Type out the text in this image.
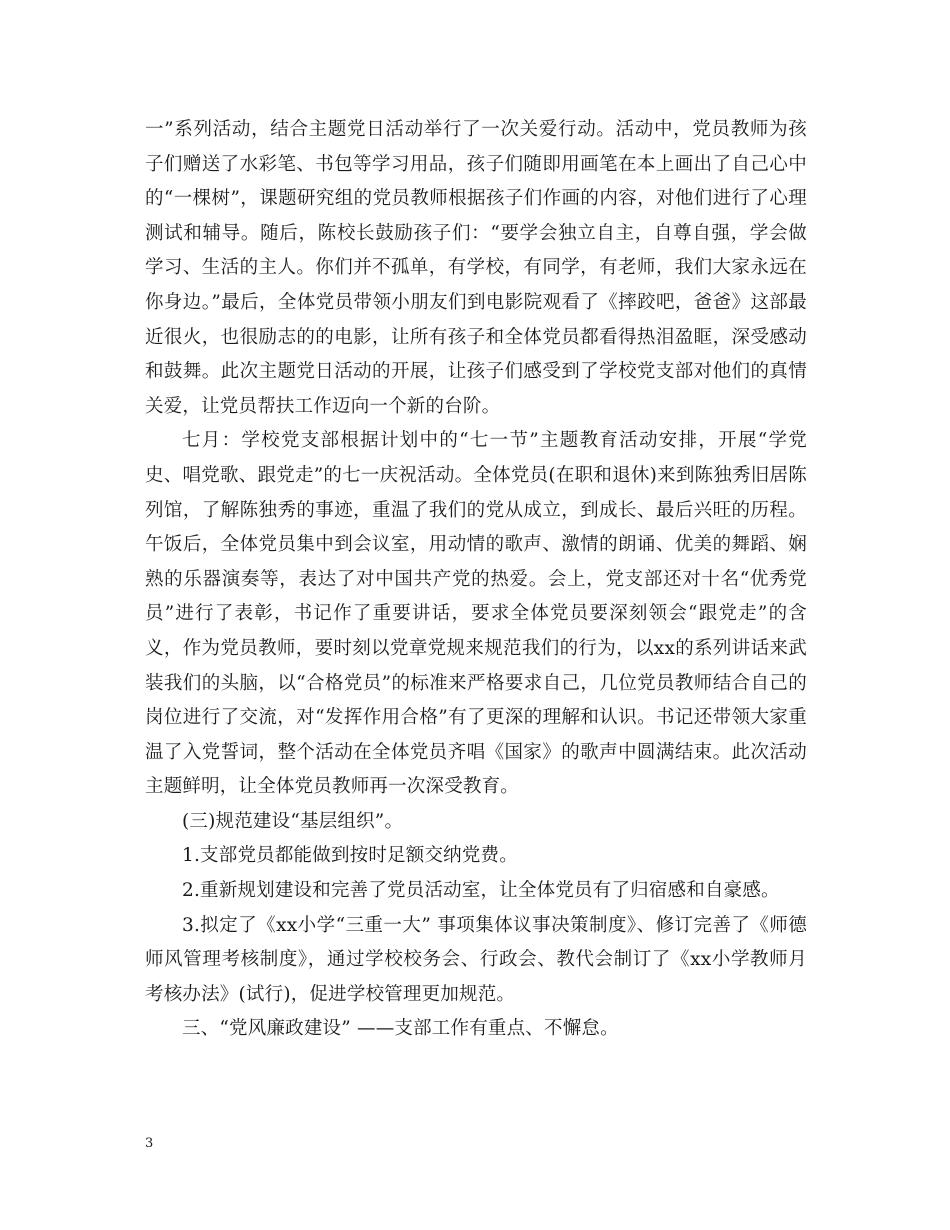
一”系列活动，结合主题党日活动举行了一次关爱行动。活动中，党员教师为孩子们赠送了水彩笔、书包等学习用品，孩子们随即用画笔在本上画出了自己心中的“一棵树”，课题研究组的党员教师根据孩子们作画的内容，对他们进行了心理测试和辅导。随后，陈校长鼓励孩子们：“要学会独立自主，自尊自强，学会做学习、生活的主人。你们并不孤单，有学校，有同学，有老师，我们大家永远在你身边。”最后，全体党员带领小朋友们到电影院观看了《摔跤吧，爸爸》这部最近很火，也很励志的的电影，让所有孩子和全体党员都看得热泪盈眶，深受感动和鼓舞。此次主题党日活动的开展，让孩子们感受到了学校党支部对他们的真情关爱，让党员帮扶工作迈向一个新的台阶。

七月：学校党支部根据计划中的“七一节”主题教育活动安排，开展“学党史、唱党歌、跟党走”的七一庆祝活动。全体党员(在职和退休)来到陈独秀旧居陈列馆，了解陈独秀的事迹，重温了我们的党从成立，到成长、最后兴旺的历程。午饭后，全体党员集中到会议室，用动情的歌声、激情的朗诵、优美的舞蹈、娴熟的乐器演奏等，表达了对中国共产党的热爱。会上，党支部还对十名“优秀党员”进行了表彰，书记作了重要讲话，要求全体党员要深刻领会“跟党走”的含义，作为党员教师，要时刻以党章党规来规范我们的行为，以xx的系列讲话来武装我们的头脑，以“合格党员”的标准来严格要求自己，几位党员教师结合自己的岗位进行了交流，对“发挥作用合格”有了更深的理解和认识。书记还带领大家重温了入党誓词，整个活动在全体党员齐唱《国家》的歌声中圆满结束。此次活动主题鲜明，让全体党员教师再一次深受教育。

(三)规范建设“基层组织”。

1.支部党员都能做到按时足额交纳党费。

2.重新规划建设和完善了党员活动室，让全体党员有了归宿感和自豪感。

3.拟定了《xx小学“三重一大” 事项集体议事决策制度》、修订完善了《师德师风管理考核制度》，通过学校校务会、行政会、教代会制订了《xx小学教师月考核办法》(试行)，促进学校管理更加规范。

三、“党风廉政建设” ——支部工作有重点、不懈怠。

3
